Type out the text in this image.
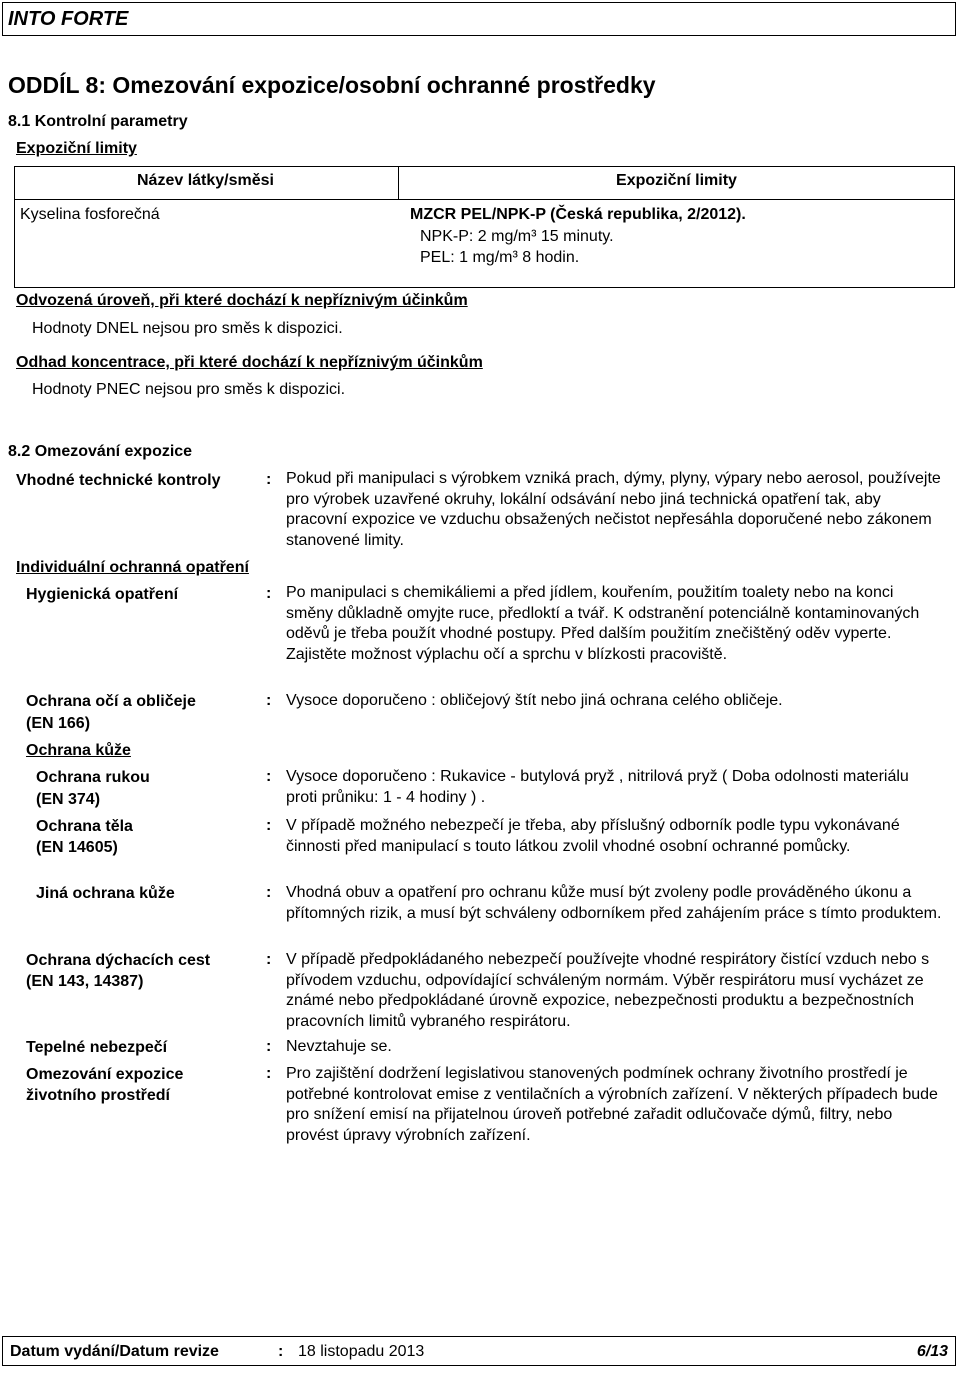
INTO FORTE
ODDÍL 8: Omezování expozice/osobní ochranné prostředky
8.1 Kontrolní parametry
Expoziční limity
Název látky/směsi	Expoziční limity
Kyselina fosforečná	MZCR PEL/NPK-P (Česká republika, 2/2012).
NPK-P: 2 mg/m³ 15 minuty.
PEL: 1 mg/m³ 8 hodin.
Odvozená úroveň, při které dochází k nepříznivým účinkům
Hodnoty DNEL nejsou pro směs k dispozici.
Odhad koncentrace, při které dochází k nepříznivým účinkům
Hodnoty PNEC nejsou pro směs k dispozici.
8.2 Omezování expozice
Vhodné technické kontroly	: Pokud při manipulaci s výrobkem vzniká prach, dýmy, plyny, výpary nebo aerosol, používejte pro výrobek uzavřené okruhy, lokální odsávání nebo jiná technická opatření tak, aby pracovní expozice ve vzduchu obsažených nečistot nepřesáhla doporučené nebo zákonem stanovené limity.
Individuální ochranná opatření
Hygienická opatření	: Po manipulaci s chemikáliemi a před jídlem, kouřením, použitím toalety nebo na konci směny důkladně omyjte ruce, předloktí a tvář. K odstranění potenciálně kontaminovaných oděvů je třeba použít vhodné postupy. Před dalším použitím znečištěný oděv vyperte. Zajistěte možnost výplachu očí a sprchu v blízkosti pracoviště.
Ochrana očí a obličeje
(EN 166)
: Vysoce doporučeno : obličejový štít nebo jiná ochrana celého obličeje.
Ochrana kůže
Ochrana rukou
(EN 374)
: Vysoce doporučeno : Rukavice - butylová pryž , nitrilová pryž ( Doba odolnosti materiálu proti průniku: 1 - 4 hodiny ) .
Ochrana těla
(EN 14605)
: V případě možného nebezpečí je třeba, aby příslušný odborník podle typu vykonávané činnosti před manipulací s touto látkou zvolil vhodné osobní ochranné pomůcky.
Jiná ochrana kůže	: Vhodná obuv a opatření pro ochranu kůže musí být zvoleny podle prováděného úkonu a přítomných rizik, a musí být schváleny odborníkem před zahájením práce s tímto produktem.
Ochrana dýchacích cest
(EN 143, 14387)
: V případě předpokládaného nebezpečí používejte vhodné respirátory čistící vzduch nebo s přívodem vzduchu, odpovídající schváleným normám. Výběr respirátoru musí vycházet ze známé nebo předpokládané úrovně expozice, nebezpečnosti produktu a bezpečnostních pracovních limitů vybraného respirátoru.
Tepelné nebezpečí	: Nevztahuje se.
Omezování expozice
životního prostředí
: Pro zajištění dodržení legislativou stanovených podmínek ochrany životního prostředí je potřebné kontrolovat emise z ventilačních a výrobních zařízení. V některých případech bude pro snížení emisí na přijatelnou úroveň potřebné zařadit odlučovače dýmů, filtry, nebo provést úpravy výrobních zařízení.
Datum vydání/Datum revize	: 18 listopadu 2013	6/13
